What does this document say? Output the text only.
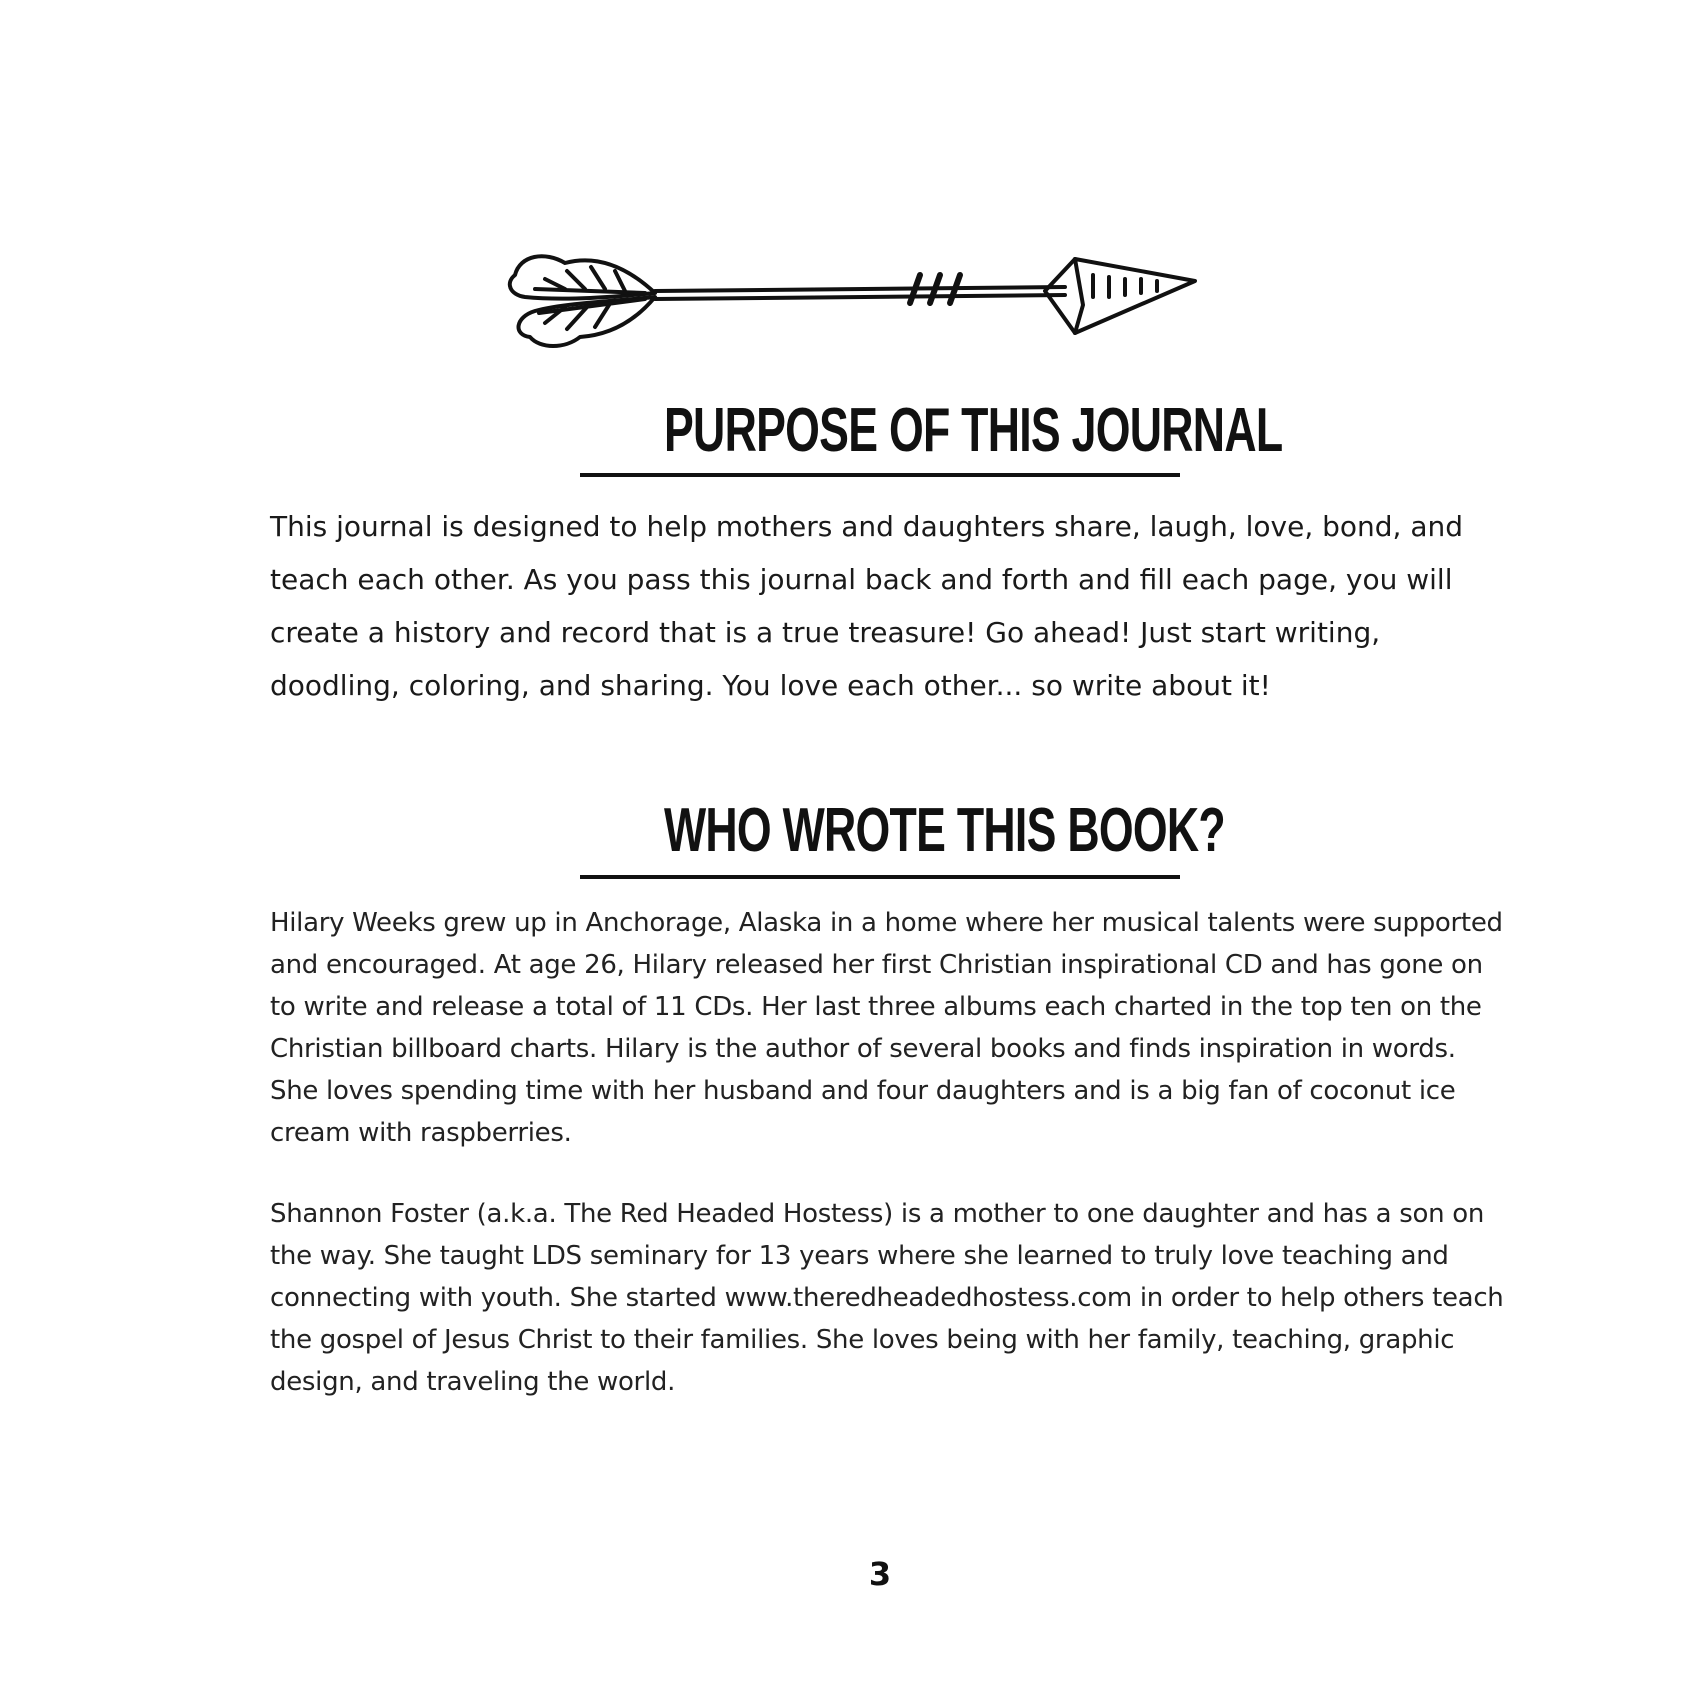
PURPOSE OF THIS JOURNAL

This journal is designed to help mothers and daughters share, laugh, love, bond, and teach each other. As you pass this journal back and forth and fill each page, you will create a history and record that is a true treasure! Go ahead! Just start writing, doodling, coloring, and sharing. You love each other... so write about it!

WHO WROTE THIS BOOK?

Hilary Weeks grew up in Anchorage, Alaska in a home where her musical talents were supported and encouraged. At age 26, Hilary released her first Christian inspirational CD and has gone on to write and release a total of 11 CDs. Her last three albums each charted in the top ten on the Christian billboard charts. Hilary is the author of several books and finds inspiration in words. She loves spending time with her husband and four daughters and is a big fan of coconut ice cream with raspberries.

Shannon Foster (a.k.a. The Red Headed Hostess) is a mother to one daughter and has a son on the way. She taught LDS seminary for 13 years where she learned to truly love teaching and connecting with youth. She started www.theredheadedhostess.com in order to help others teach the gospel of Jesus Christ to their families. She loves being with her family, teaching, graphic design, and traveling the world.

3
